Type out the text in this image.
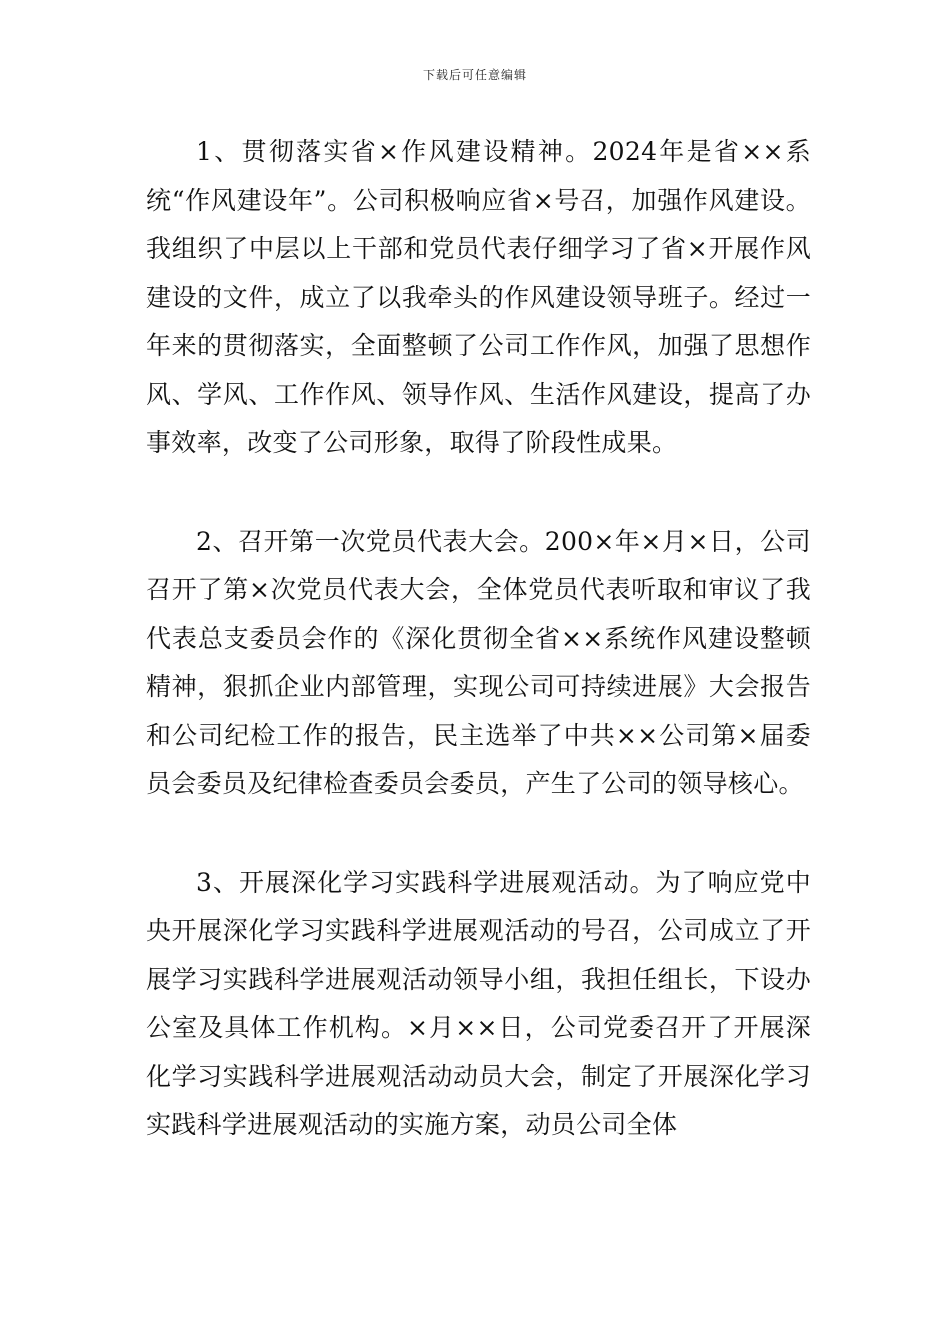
下载后可任意编辑

1、贯彻落实省×作风建设精神。2024年是省××系统“作风建设年”。公司积极响应省×号召，加强作风建设。我组织了中层以上干部和党员代表仔细学习了省×开展作风建设的文件，成立了以我牵头的作风建设领导班子。经过一年来的贯彻落实，全面整顿了公司工作作风，加强了思想作风、学风、工作作风、领导作风、生活作风建设，提高了办事效率，改变了公司形象，取得了阶段性成果。

2、召开第一次党员代表大会。200×年×月×日，公司召开了第×次党员代表大会，全体党员代表听取和审议了我代表总支委员会作的《深化贯彻全省××系统作风建设整顿精神，狠抓企业内部管理，实现公司可持续进展》大会报告和公司纪检工作的报告，民主选举了中共××公司第×届委员会委员及纪律检查委员会委员，产生了公司的领导核心。

3、开展深化学习实践科学进展观活动。为了响应党中央开展深化学习实践科学进展观活动的号召，公司成立了开展学习实践科学进展观活动领导小组，我担任组长，下设办公室及具体工作机构。×月××日，公司党委召开了开展深化学习实践科学进展观活动动员大会，制定了开展深化学习实践科学进展观活动的实施方案，动员公司全体
